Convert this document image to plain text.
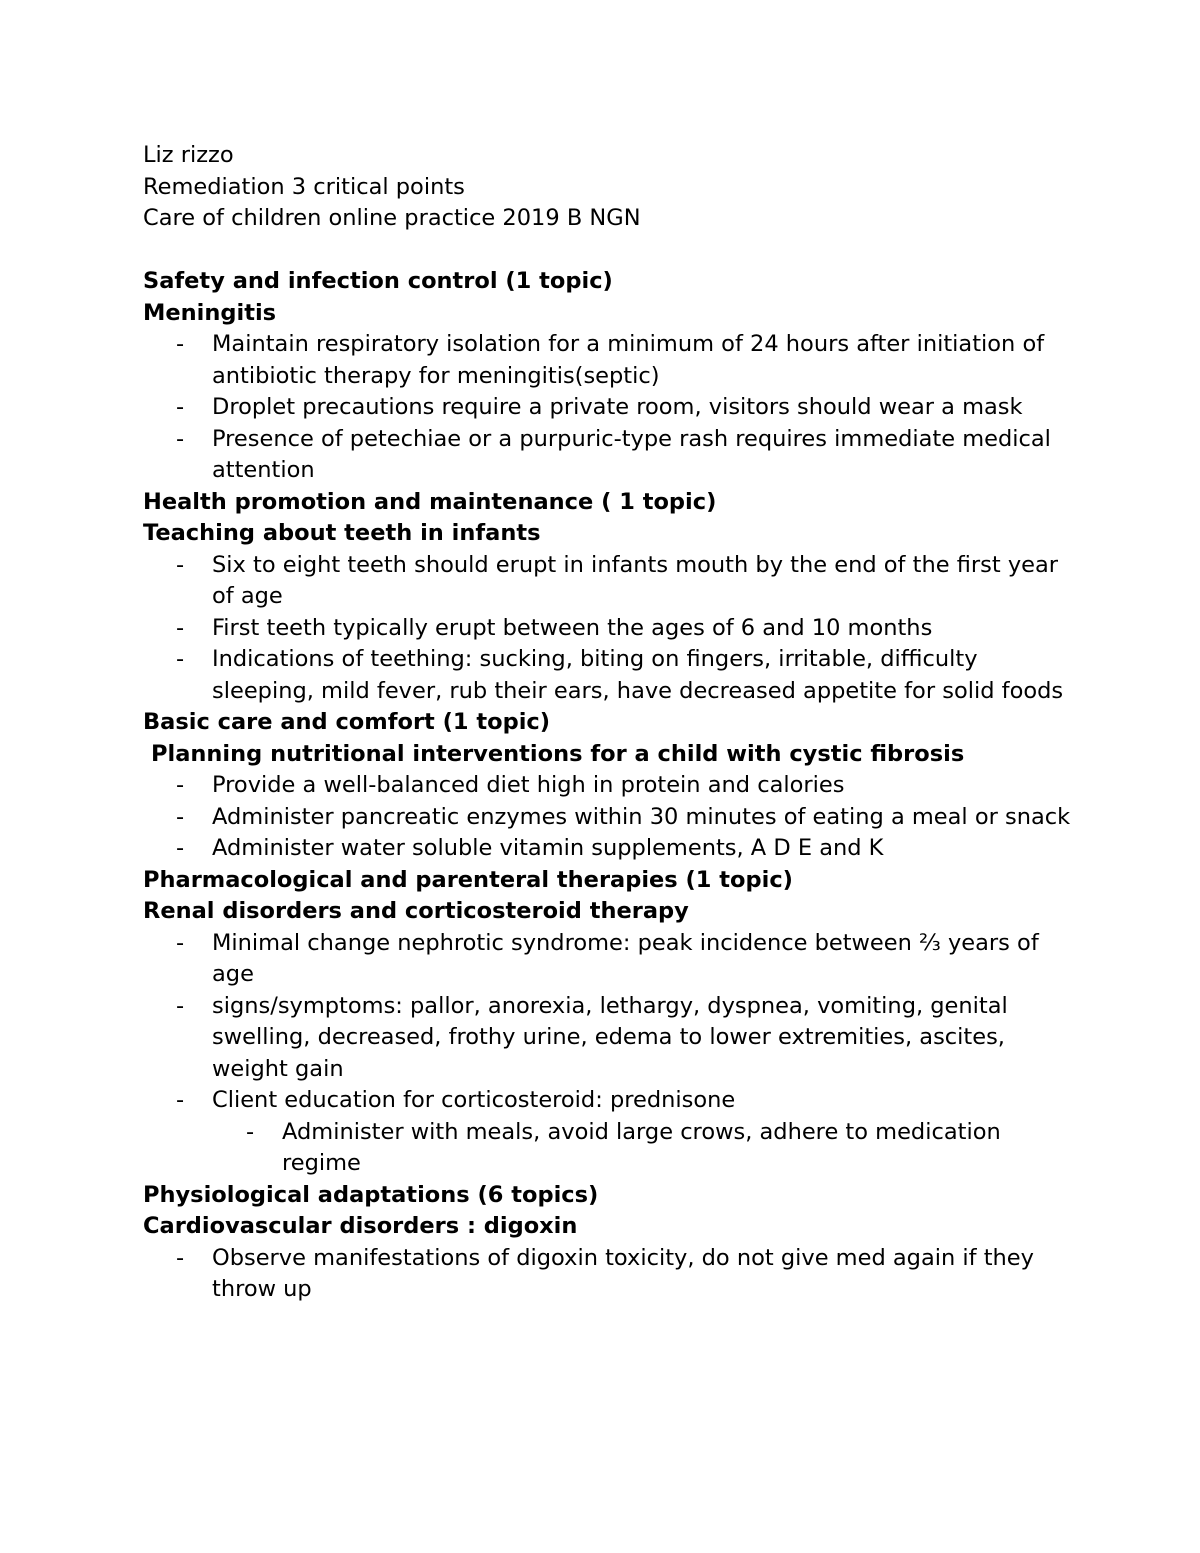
Liz rizzo

Remediation 3 critical points

Care of children online practice 2019 B NGN

Safety and infection control (1 topic)

Meningitis

- Maintain respiratory isolation for a minimum of 24 hours after initiation of antibiotic therapy for meningitis(septic)
- Droplet precautions require a private room, visitors should wear a mask
- Presence of petechiae or a purpuric-type rash requires immediate medical attention

Health promotion and maintenance ( 1 topic)

Teaching about teeth in infants

- Six to eight teeth should erupt in infants mouth by the end of the first year of age
- First teeth typically erupt between the ages of 6 and 10 months
- Indications of teething: sucking, biting on fingers, irritable, difficulty sleeping, mild fever, rub their ears, have decreased appetite for solid foods

Basic care and comfort (1 topic)

Planning nutritional interventions for a child with cystic fibrosis

- Provide a well-balanced diet high in protein and calories
- Administer pancreatic enzymes within 30 minutes of eating a meal or snack
- Administer water soluble vitamin supplements, A D E and K

Pharmacological and parenteral therapies (1 topic)

Renal disorders and corticosteroid therapy

- Minimal change nephrotic syndrome: peak incidence between ⅔ years of age
- signs/symptoms: pallor, anorexia, lethargy, dyspnea, vomiting, genital swelling, decreased, frothy urine, edema to lower extremities, ascites, weight gain
- Client education for corticosteroid: prednisone
- Administer with meals, avoid large crows, adhere to medication regime

Physiological adaptations (6 topics)

Cardiovascular disorders : digoxin

- Observe manifestations of digoxin toxicity, do not give med again if they throw up
